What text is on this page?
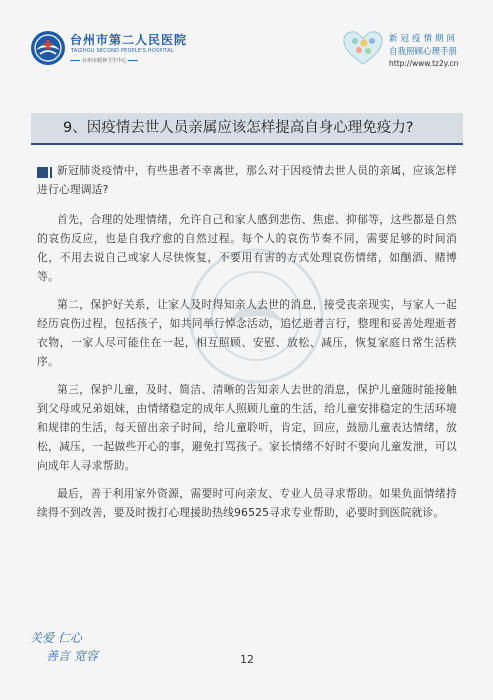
台州市第二人民医院
TAIZHOU SECOND PEOPLE'S HOSPITAL
台州市精神卫生中心
新冠疫情期间
自我照顾心理手册
http://www.tz2y.cn
9、因疫情去世人员亲属应该怎样提高自身心理免疫力?
新冠肺炎疫情中，有些患者不幸离世，那么对于因疫情去世人员的亲属，应该怎样进行心理调适?
首先，合理的处理情绪，允许自己和家人感到悲伤、焦虑、抑郁等，这些都是自然的哀伤反应，也是自我疗愈的自然过程。每个人的哀伤节奏不同，需要足够的时间消化，不用去说自己或家人尽快恢复，不要用有害的方式处理哀伤情绪，如酗酒、赌博等。
第二，保护好关系，让家人及时得知亲人去世的消息，接受丧亲现实，与家人一起经历哀伤过程，包括孩子，如共同举行悼念活动，追忆逝者言行，整理和妥善处理逝者衣物，一家人尽可能住在一起，相互照顾、安慰、放松、减压，恢复家庭日常生活秩序。
第三，保护儿童，及时、简洁、清晰的告知亲人去世的消息，保护儿童随时能接触到父母或兄弟姐妹，由情绪稳定的成年人照顾儿童的生活，给儿童安排稳定的生活环境和规律的生活，每天留出亲子时间，给儿童聆听，肯定，回应，鼓励儿童表达情绪，放松，减压，一起做些开心的事，避免打骂孩子。家长情绪不好时不要向儿童发泄，可以向成年人寻求帮助。
最后，善于利用家外资源，需要时可向亲友、专业人员寻求帮助。如果负面情绪持续得不到改善，要及时拨打心理援助热线96525寻求专业帮助，必要时到医院就诊。
关爱 仁心
善言 宽容	12
